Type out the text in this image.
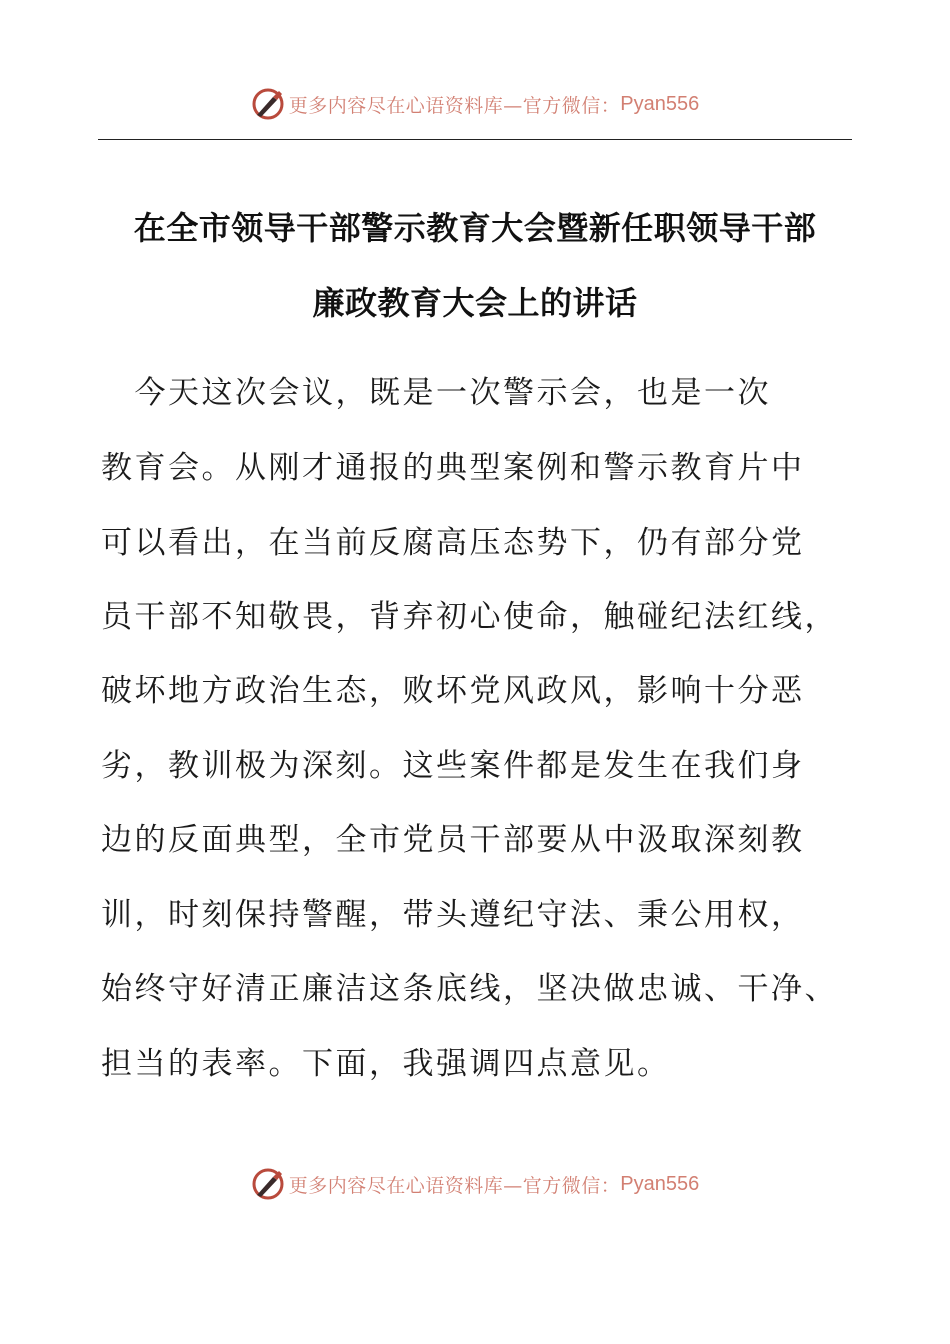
更多内容尽在心语资料库—官方微信： Pyan556
在全市领导干部警示教育大会暨新任职领导干部
廉政教育大会上的讲话
　今天这次会议，既是一次警示会，也是一次
教育会。从刚才通报的典型案例和警示教育片中
可以看出，在当前反腐高压态势下，仍有部分党
员干部不知敬畏，背弃初心使命，触碰纪法红线，
破坏地方政治生态，败坏党风政风，影响十分恶
劣，教训极为深刻。这些案件都是发生在我们身
边的反面典型，全市党员干部要从中汲取深刻教
训，时刻保持警醒，带头遵纪守法、秉公用权，
始终守好清正廉洁这条底线，坚决做忠诚、干净、
担当的表率。下面，我强调四点意见。
更多内容尽在心语资料库—官方微信： Pyan556
